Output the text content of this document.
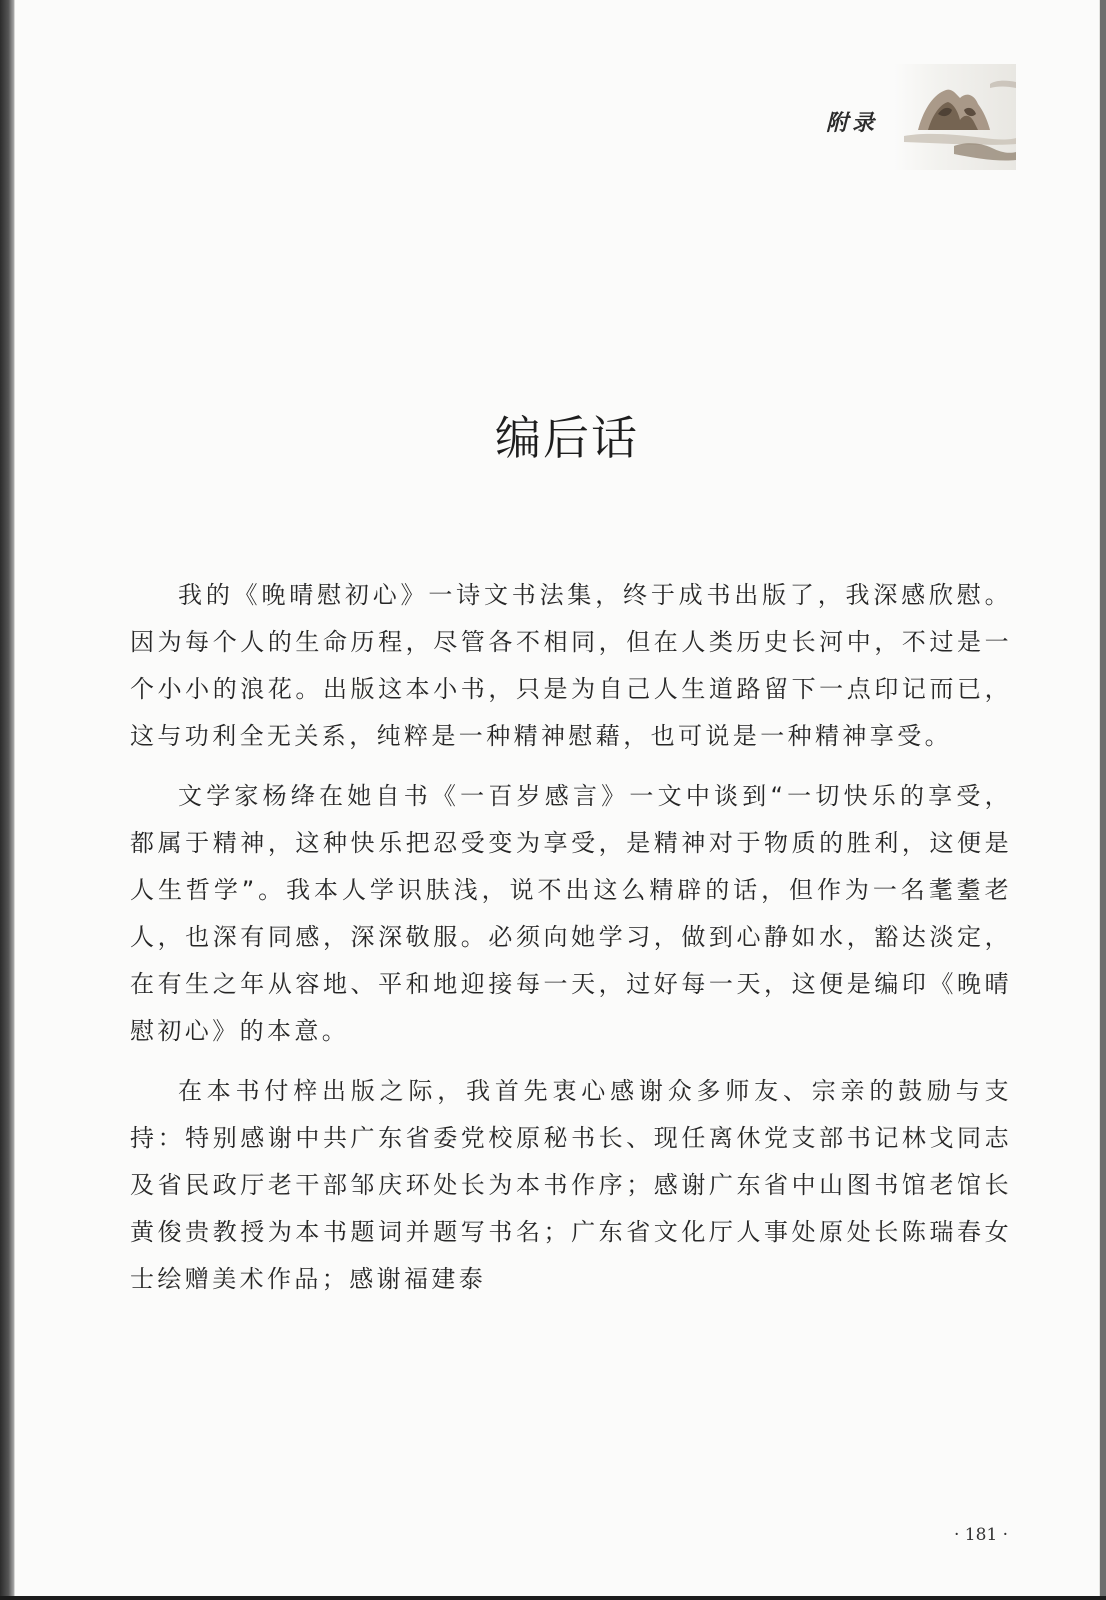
附录
编后话

我的《晚晴慰初心》一诗文书法集，终于成书出版了，我深感欣慰。因为每个人的生命历程，尽管各不相同，但在人类历史长河中，不过是一个小小的浪花。出版这本小书，只是为自己人生道路留下一点印记而已，这与功利全无关系，纯粹是一种精神慰藉，也可说是一种精神享受。

文学家杨绛在她自书《一百岁感言》一文中谈到“一切快乐的享受，都属于精神，这种快乐把忍受变为享受，是精神对于物质的胜利，这便是人生哲学”。我本人学识肤浅，说不出这么精辟的话，但作为一名耄耋老人，也深有同感，深深敬服。必须向她学习，做到心静如水，豁达淡定，在有生之年从容地、平和地迎接每一天，过好每一天，这便是编印《晚晴慰初心》的本意。

在本书付梓出版之际，我首先衷心感谢众多师友、宗亲的鼓励与支持：特别感谢中共广东省委党校原秘书长、现任离休党支部书记林戈同志及省民政厅老干部邹庆环处长为本书作序；感谢广东省中山图书馆老馆长黄俊贵教授为本书题词并题写书名；广东省文化厅人事处原处长陈瑞春女士绘赠美术作品；感谢福建泰

· 181 ·
